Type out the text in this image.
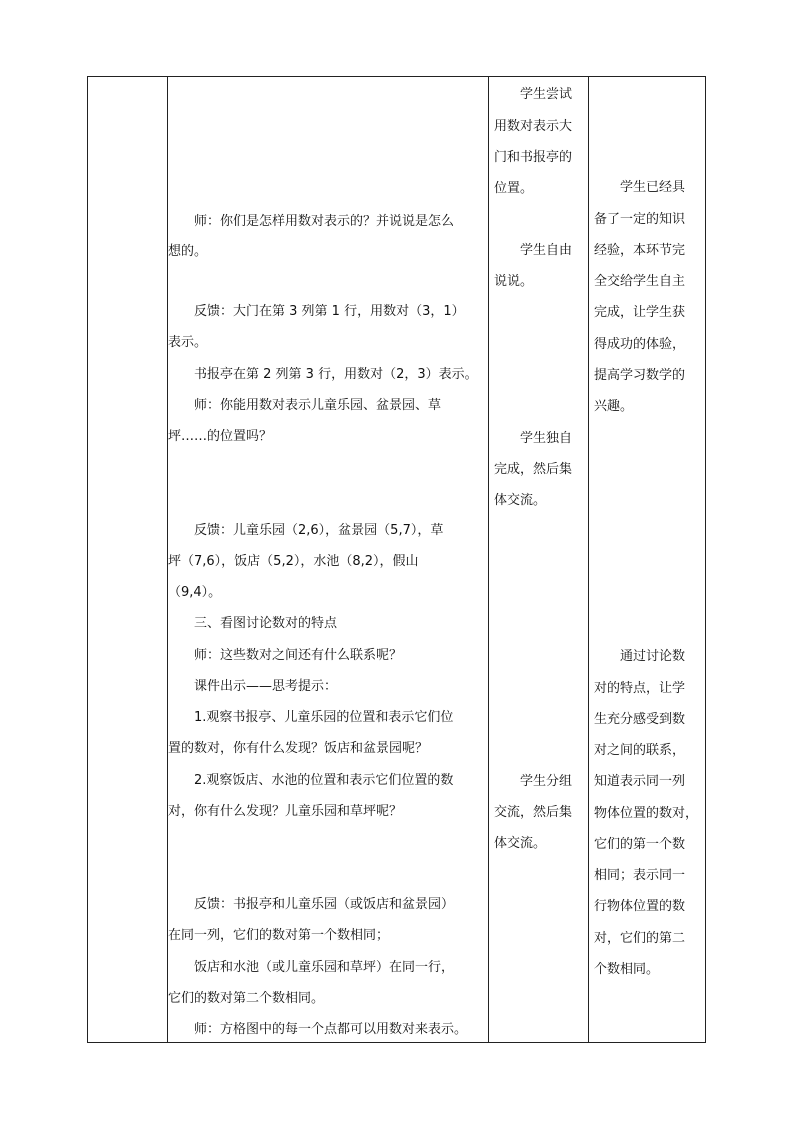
师：你们是怎样用数对表示的？并说说是怎么
想的。
反馈：大门在第 3 列第 1 行，用数对（3，1）
表示。
书报亭在第 2 列第 3 行，用数对（2，3）表示。
师：你能用数对表示儿童乐园、盆景园、草
坪……的位置吗？
反馈：儿童乐园（2,6），盆景园（5,7），草
坪（7,6），饭店（5,2），水池（8,2），假山
（9,4）。
三、看图讨论数对的特点
师：这些数对之间还有什么联系呢？
课件出示——思考提示：
1.观察书报亭、儿童乐园的位置和表示它们位
置的数对，你有什么发现？饭店和盆景园呢？
2.观察饭店、水池的位置和表示它们位置的数
对，你有什么发现？儿童乐园和草坪呢？
反馈：书报亭和儿童乐园（或饭店和盆景园）
在同一列，它们的数对第一个数相同；
饭店和水池（或儿童乐园和草坪）在同一行，
它们的数对第二个数相同。
师：方格图中的每一个点都可以用数对来表示。
学生尝试
用数对表示大
门和书报亭的
位置。
学生自由
说说。
学生独自
完成，然后集
体交流。
学生分组
交流，然后集
体交流。
学生已经具
备了一定的知识
经验，本环节完
全交给学生自主
完成，让学生获
得成功的体验，
提高学习数学的
兴趣。
通过讨论数
对的特点，让学
生充分感受到数
对之间的联系，
知道表示同一列
物体位置的数对，
它们的第一个数
相同；表示同一
行物体位置的数
对，它们的第二
个数相同。
